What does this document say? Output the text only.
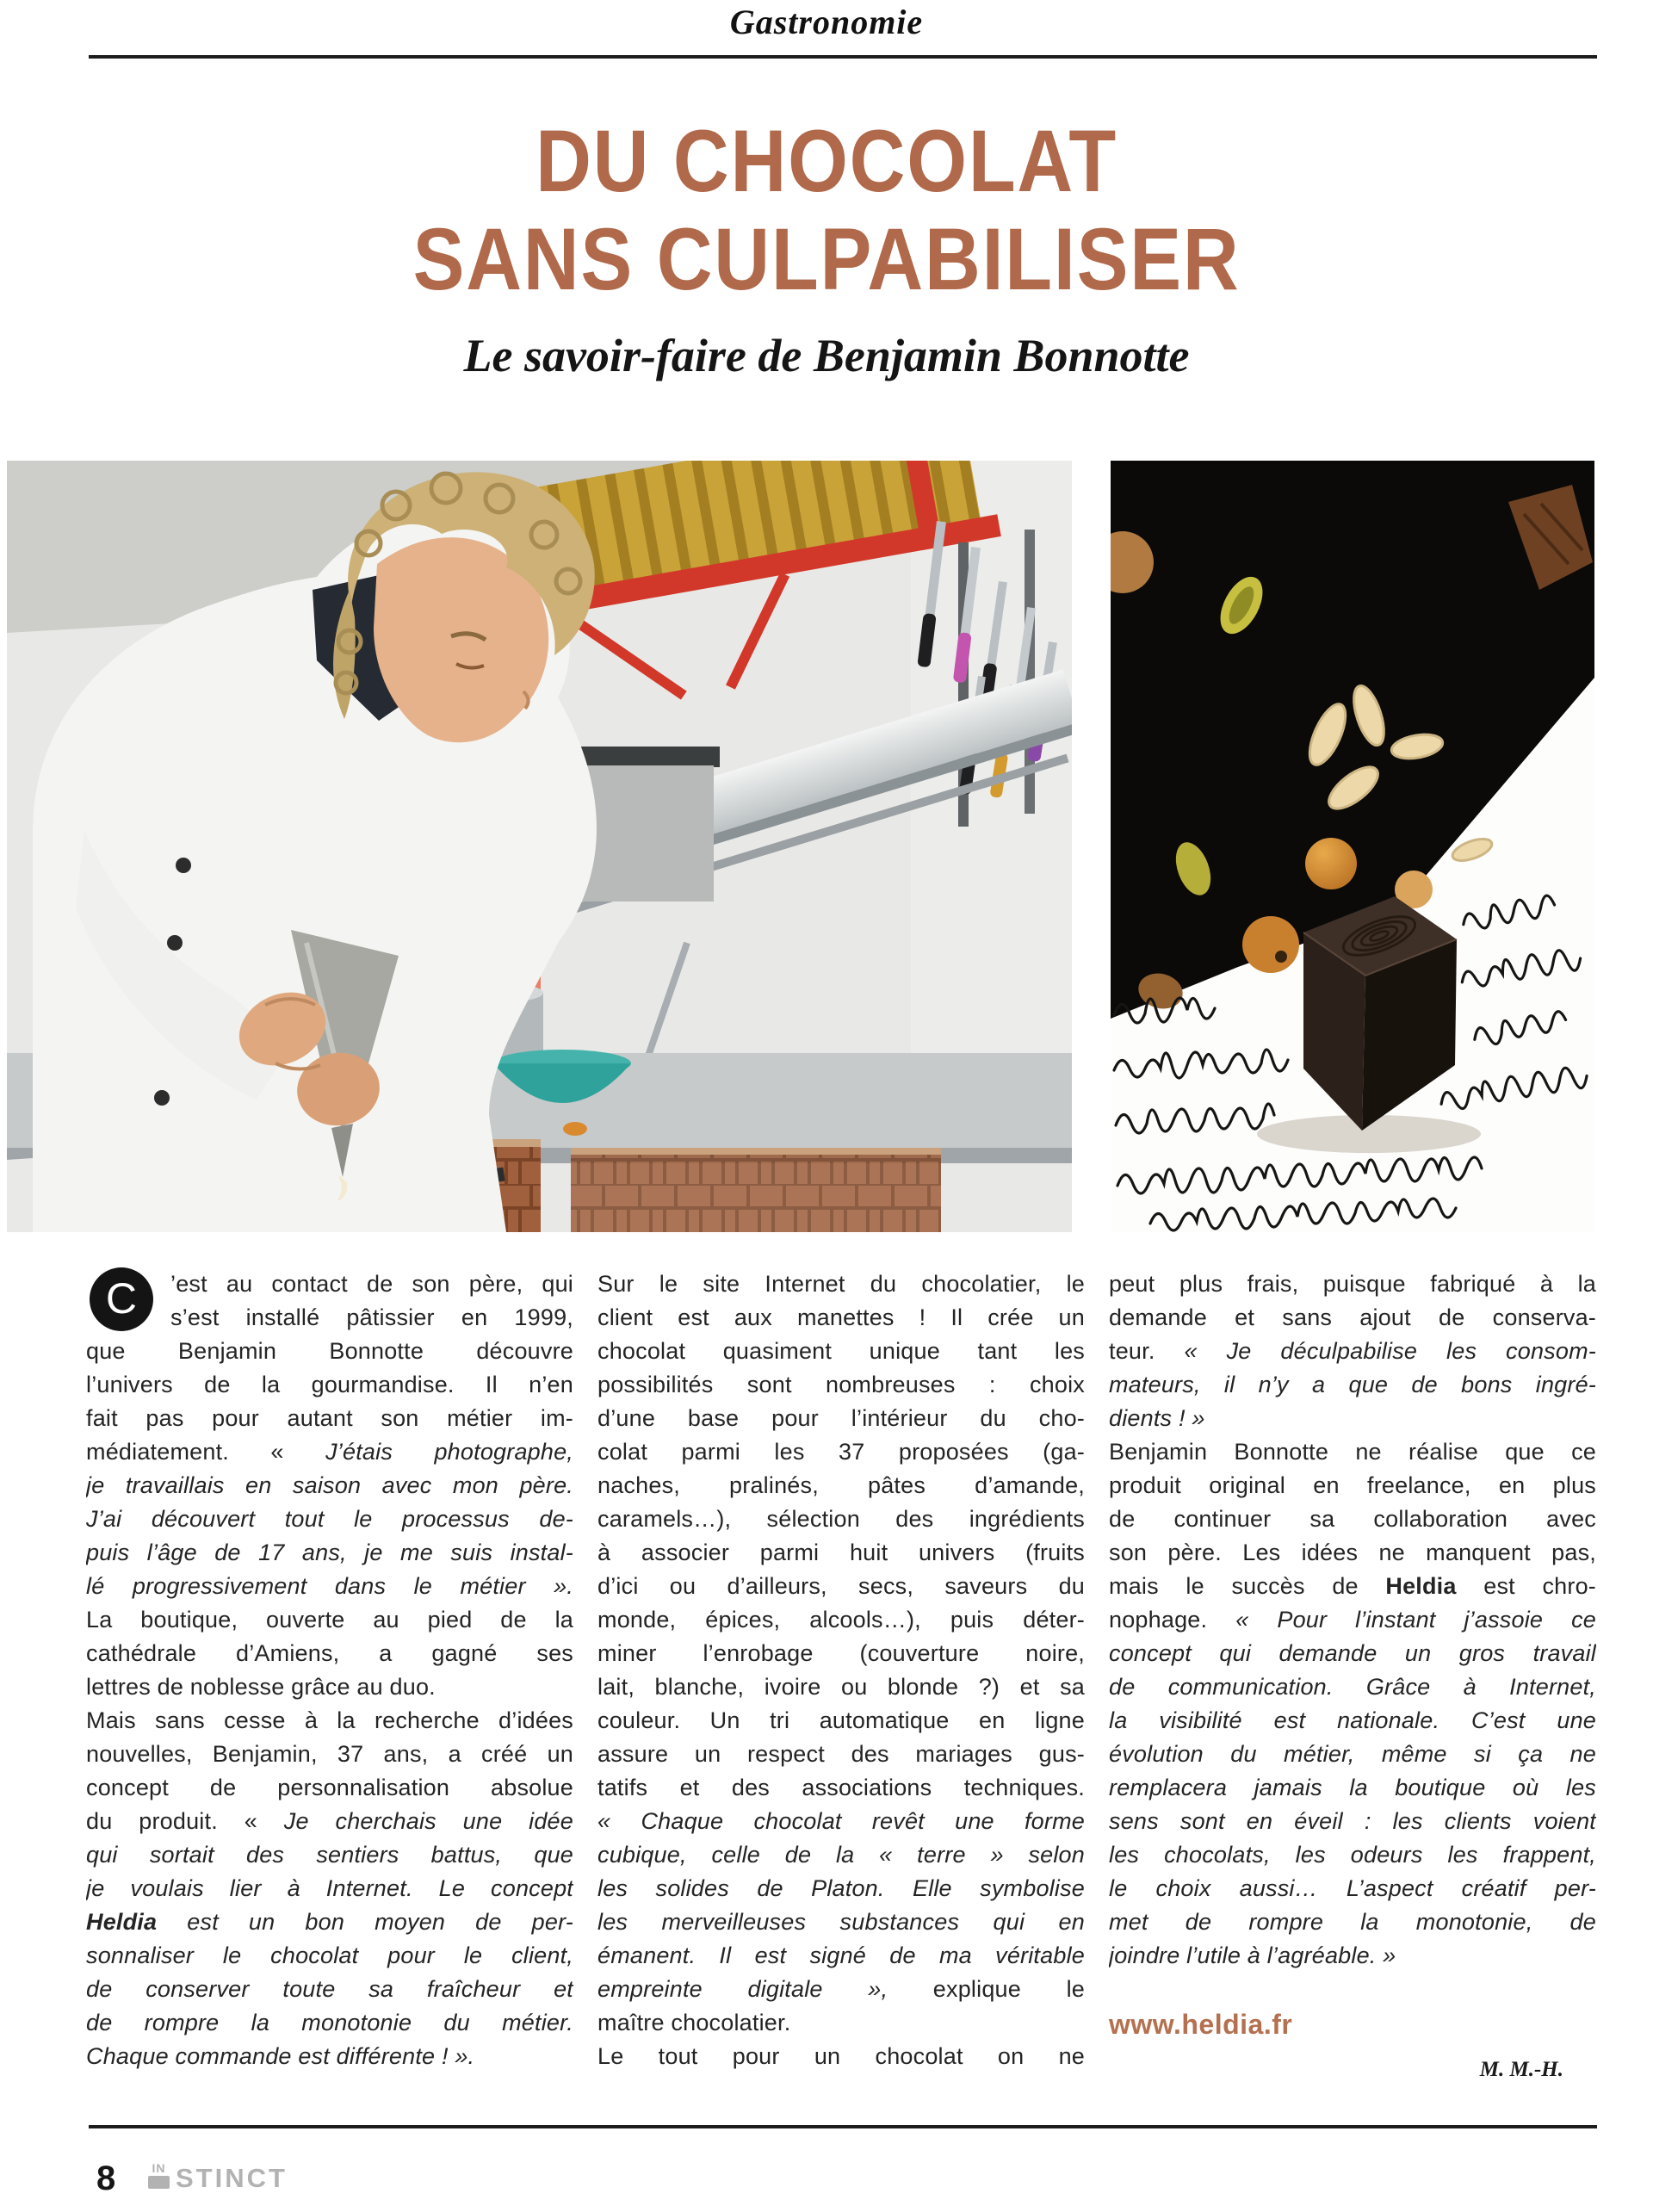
Gastronomie
DU CHOCOLAT
SANS CULPABILISER
Le savoir-faire de Benjamin Bonnotte
C	’est au contact de son père, qui
s’est installé pâtissier en 1999,
que Benjamin Bonnotte découvre
l’univers de la gourmandise. Il n’en
fait pas pour autant son métier im-
médiatement. « J’étais photographe,
je travaillais en saison avec mon père.
J’ai découvert tout le processus de-
puis l’âge de 17 ans, je me suis instal-
lé progressivement dans le métier ».
La boutique, ouverte au pied de la
cathédrale d’Amiens, a gagné ses
lettres de noblesse grâce au duo.
Mais sans cesse à la recherche d’idées
nouvelles, Benjamin, 37 ans, a créé un
concept de personnalisation absolue
du produit. « Je cherchais une idée
qui sortait des sentiers battus, que
je voulais lier à Internet. Le concept
Heldia est un bon moyen de per-
sonnaliser le chocolat pour le client,
de conserver toute sa fraîcheur et
de rompre la monotonie du métier.
Chaque commande est différente ! ».
Sur le site Internet du chocolatier, le
client est aux manettes ! Il crée un
chocolat quasiment unique tant les
possibilités sont nombreuses : choix
d’une base pour l’intérieur du cho-
colat parmi les 37 proposées (ga-
naches, pralinés, pâtes d’amande,
caramels…), sélection des ingrédients
à associer parmi huit univers (fruits
d’ici ou d’ailleurs, secs, saveurs du
monde, épices, alcools…), puis déter-
miner l’enrobage (couverture noire,
lait, blanche, ivoire ou blonde ?) et sa
couleur. Un tri automatique en ligne
assure un respect des mariages gus-
tatifs et des associations techniques.
« Chaque chocolat revêt une forme
cubique, celle de la « terre » selon
les solides de Platon. Elle symbolise
les merveilleuses substances qui en
émanent. Il est signé de ma véritable
empreinte digitale », explique le
maître chocolatier.
Le tout pour un chocolat on ne
peut plus frais, puisque fabriqué à la
demande et sans ajout de conserva-
teur. « Je déculpabilise les consom-
mateurs, il n’y a que de bons ingré-
dients ! »
Benjamin Bonnotte ne réalise que ce
produit original en freelance, en plus
de continuer sa collaboration avec
son père. Les idées ne manquent pas,
mais le succès de Heldia est chro-
nophage. « Pour l’instant j’assoie ce
concept qui demande un gros travail
de communication. Grâce à Internet,
la visibilité est nationale. C’est une
évolution du métier, même si ça ne
remplacera jamais la boutique où les
sens sont en éveil : les clients voient
les chocolats, les odeurs les frappent,
le choix aussi… L’aspect créatif per-
met de rompre la monotonie, de
joindre l’utile à l’agréable. »
www.heldia.fr
M. M.-H.
8	IN STINCT
